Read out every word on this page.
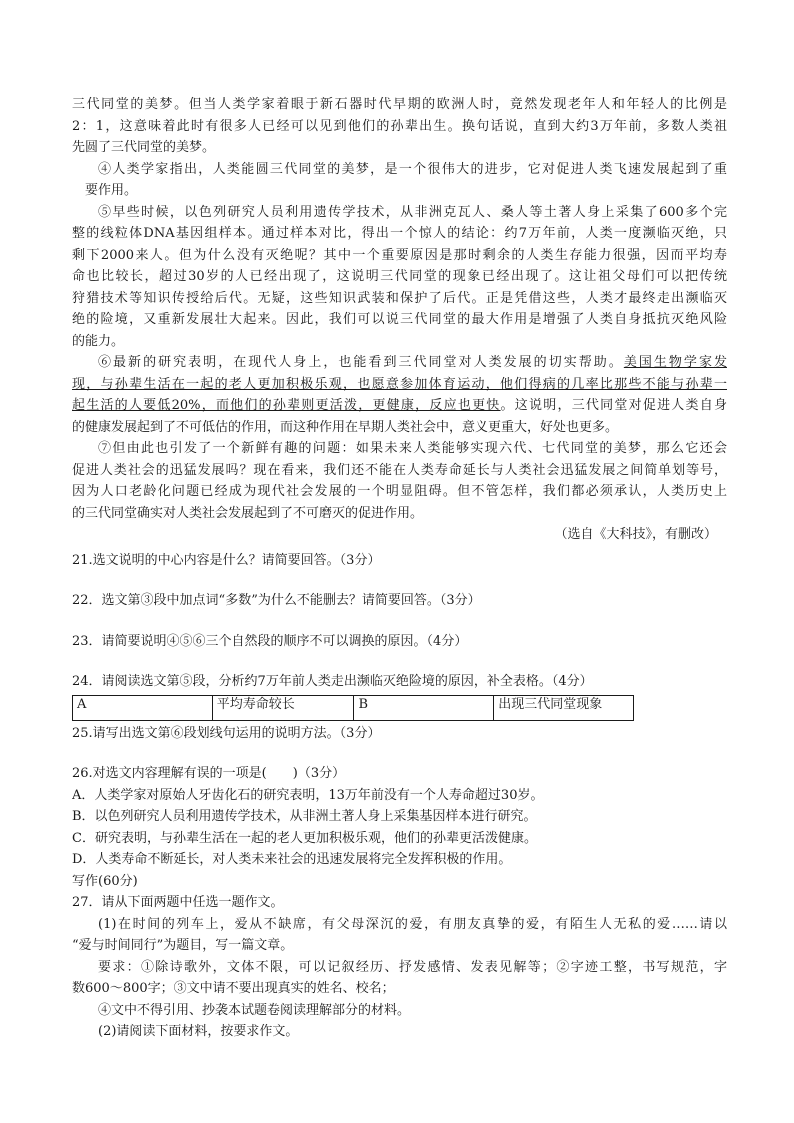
三代同堂的美梦。但当人类学家着眼于新石器时代早期的欧洲人时，竟然发现老年人和年轻人的比例是

2：1，这意味着此时有很多人已经可以见到他们的孙辈出生。换句话说，直到大约3万年前，多数人类祖

先圆了三代同堂的美梦。

④人类学家指出，人类能圆三代同堂的美梦，是一个很伟大的进步，它对促进人类飞速发展起到了重

要作用。

⑤早些时候，以色列研究人员利用遗传学技术，从非洲克瓦人、桑人等土著人身上采集了600多个完

整的线粒体DNA基因组样本。通过样本对比，得出一个惊人的结论：约7万年前，人类一度濒临灭绝，只

剩下2000来人。但为什么没有灭绝呢？其中一个重要原因是那时剩余的人类生存能力很强，因而平均寿

命也比较长，超过30岁的人已经出现了，这说明三代同堂的现象已经出现了。这让祖父母们可以把传统

狩猎技术等知识传授给后代。无疑，这些知识武装和保护了后代。正是凭借这些，人类才最终走出濒临灭

绝的险境，又重新发展壮大起来。因此，我们可以说三代同堂的最大作用是增强了人类自身抵抗灭绝风险

的能力。

⑥最新的研究表明，在现代人身上，也能看到三代同堂对人类发展的切实帮助。美国生物学家发

现，与孙辈生活在一起的老人更加积极乐观，也愿意参加体育运动，他们得病的几率比那些不能与孙辈一

起生活的人要低20%，而他们的孙辈则更活泼，更健康，反应也更快。这说明，三代同堂对促进人类自身

的健康发展起到了不可低估的作用，而这种作用在早期人类社会中，意义更重大，好处也更多。

⑦但由此也引发了一个新鲜有趣的问题：如果未来人类能够实现六代、七代同堂的美梦，那么它还会

促进人类社会的迅猛发展吗？现在看来，我们还不能在人类寿命延长与人类社会迅猛发展之间简单划等号，

因为人口老龄化问题已经成为现代社会发展的一个明显阻碍。但不管怎样，我们都必须承认，人类历史上

的三代同堂确实对人类社会发展起到了不可磨灭的促进作用。

（选自《大科技》，有删改）

21.选文说明的中心内容是什么？请简要回答。（3分）

22．选文第③段中加点词“多数”为什么不能删去？请简要回答。（3分）

23．请简要说明④⑤⑥三个自然段的顺序不可以调换的原因。（4分）

24．请阅读选文第⑤段，分析约7万年前人类走出濒临灭绝险境的原因，补全表格。（4分）

A	平均寿命较长	B	出现三代同堂现象

25.请写出选文第⑥段划线句运用的说明方法。（3分）

26.对选文内容理解有误的一项是(　　)（3分）

A．人类学家对原始人牙齿化石的研究表明，13万年前没有一个人寿命超过30岁。

B．以色列研究人员利用遗传学技术，从非洲土著人身上采集基因样本进行研究。

C．研究表明，与孙辈生活在一起的老人更加积极乐观，他们的孙辈更活泼健康。

D．人类寿命不断延长，对人类未来社会的迅速发展将完全发挥积极的作用。

写作(60分)

27．请从下面两题中任选一题作文。

(1)在时间的列车上，爱从不缺席，有父母深沉的爱，有朋友真挚的爱，有陌生人无私的爱……请以

“爱与时间同行”为题目，写一篇文章。

要求：①除诗歌外，文体不限，可以记叙经历、抒发感情、发表见解等；②字迹工整，书写规范，字

数600～800字；③文中请不要出现真实的姓名、校名；

④文中不得引用、抄袭本试题卷阅读理解部分的材料。

(2)请阅读下面材料，按要求作文。
